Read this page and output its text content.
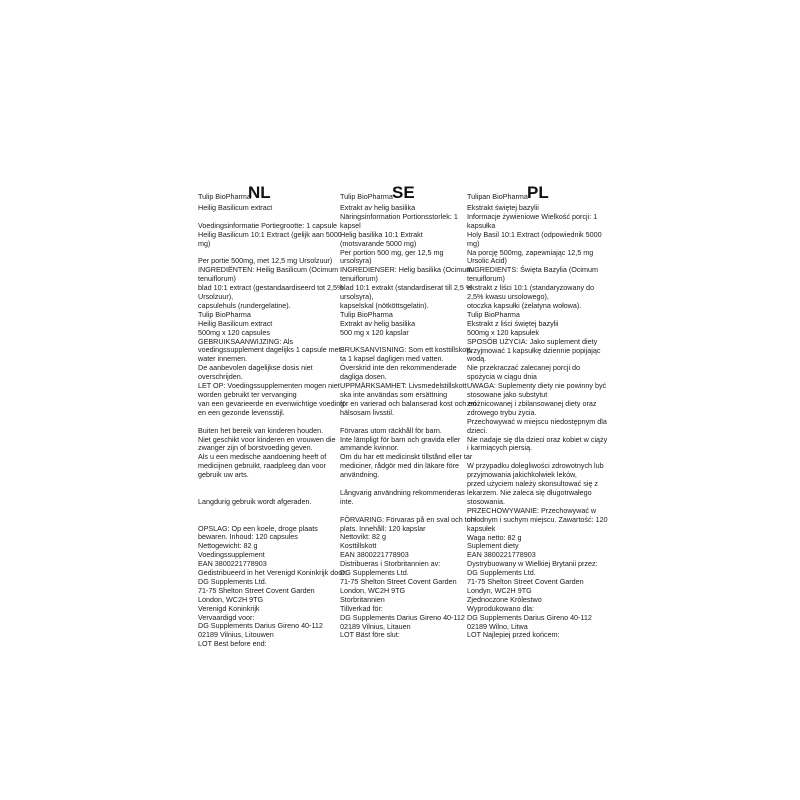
Tulip BioPharma
NL
Heilig Basilicum extract
Voedingsinformatie Portiegrootte: 1 capsule
Heilig Basilicum 10:1 Extract (gelijk aan 5000
mg)
Per portie 500mg, met 12,5 mg Ursolzuur)
INGREDIËNTEN: Heilig Basilicum (Ocimum
tenuiflorum)
blad 10:1 extract (gestandaardiseerd tot 2,5%
Ursolzuur),
capsulehuls (rundergelatine).
Tulip BioPharma
Heilig Basilicum extract
500mg x 120 capsules
GEBRUIKSAANWIJZING: Als
voedingssupplement dagelijks 1 capsule met
water innemen.
De aanbevolen dagelijkse dosis niet
overschrijden.
LET OP: Voedingssupplementen mogen niet
worden gebruikt ter vervanging
van een gevarieerde en evenwichtige voeding
en een gezonde levensstijl.
Buiten het bereik van kinderen houden.
Niet geschikt voor kinderen en vrouwen die
zwanger zijn of borstvoeding geven.
Als u een medische aandoening heeft of
medicijnen gebruikt, raadpleeg dan voor
gebruik uw arts.
Langdurig gebruik wordt afgeraden.
OPSLAG: Op een koele, droge plaats
bewaren. Inhoud: 120 capsules
Nettogewicht: 82 g
Voedingssupplement
EAN 3800221778903
Gedistribueerd in het Verenigd Koninkrijk door:
DG Supplements Ltd.
71-75 Shelton Street Covent Garden
London, WC2H 9TG
Verenigd Koninkrijk
Vervaardigd voor:
DG Supplements Darius Gireno 40-112
02189 Vilnius, Litouwen
LOT Best before end:
Tulip BioPharma SE
Extrakt av helig basilika
Näringsinformation Portionsstorlek: 1
kapsel
Helig basilika 10:1 Extrakt
(motsvarande 5000 mg)
Per portion 500 mg, ger 12,5 mg
ursolsyra)
INGREDIENSER: Helig basilika (Ocimum
tenuiflorum)
blad 10:1 extrakt (standardiserat till 2,5 %
ursolsyra),
kapselskal (nötköttsgelatin).
Tulip BioPharma
Extrakt av helig basilika
500 mg x 120 kapslar
BRUKSANVISNING: Som ett kosttillskott,
ta 1 kapsel dagligen med vatten.
Överskrid inte den rekommenderade
dagliga dosen.
UPPMÄRKSAMHET: Livsmedelstillskott
ska inte användas som ersättning
för en varierad och balanserad kost och en
hälsosam livsstil.
Förvaras utom räckhåll för barn.
Inte lämpligt för barn och gravida eller
ammande kvinnor.
Om du har ett medicinskt tillstånd eller tar
mediciner, rådgör med din läkare före
användning.
Långvarig användning rekommenderas
inte.
FÖRVARING: Förvaras på en sval och torr
plats. Innehåll: 120 kapslar
Nettovikt: 82 g
Kosttillskott
EAN 3800221778903
Distribueras i Storbritannien av:
DG Supplements Ltd.
71-75 Shelton Street Covent Garden
London, WC2H 9TG
Storbritannien
Tillverkad för:
DG Supplements Darius Gireno 40-112
02189 Vilnius, Litauen
LOT Bäst före slut:
Tulipan BioPharma PL
Ekstrakt świętej bazylii
Informacje żywieniowe Wielkość porcji: 1
kapsułka
Holy Basil 10:1 Extract (odpowiednik 5000
mg)
Na porcję 500mg, zapewniając 12,5 mg
Ursolic Acid)
INGREDIENTS: Święta Bazylia (Ocimum
tenuiflorum)
ekstrakt z liści 10:1 (standaryzowany do
2,5% kwasu ursolowego),
otoczka kapsułki (żelatyna wołowa).
Tulip BioPharma
Ekstrakt z liści świętej bazylii
500mg x 120 kapsułek
SPOSÓB UŻYCIA: Jako suplement diety
przyjmować 1 kapsułkę dziennie popijając
wodą.
Nie przekraczać zalecanej porcji do
spożycia w ciągu dnia
UWAGA: Suplementy diety nie powinny być
stosowane jako substytut
zróżnicowanej i zbilansowanej diety oraz
zdrowego trybu życia.
Przechowywać w miejscu niedostępnym dla
dzieci.
Nie nadaje się dla dzieci oraz kobiet w ciąży
i karmiących piersią.
W przypadku dolegliwości zdrowotnych lub
przyjmowania jakichkolwiek leków,
przed użyciem należy skonsultować się z
lekarzem. Nie zaleca się długotrwałego
stosowania.
PRZECHOWYWANIE: Przechowywać w
chłodnym i suchym miejscu. Zawartość: 120
kapsułek
Waga netto: 82 g
Suplement diety
EAN 3800221778903
Dystrybuowany w Wielkiej Brytanii przez:
DG Supplements Ltd.
71-75 Shelton Street Covent Garden
Londyn, WC2H 9TG
Zjednoczone Królestwo
Wyprodukowano dla:
DG Supplements Darius Gireno 40-112
02189 Wilno, Litwa
LOT Najlepiej przed końcem:
